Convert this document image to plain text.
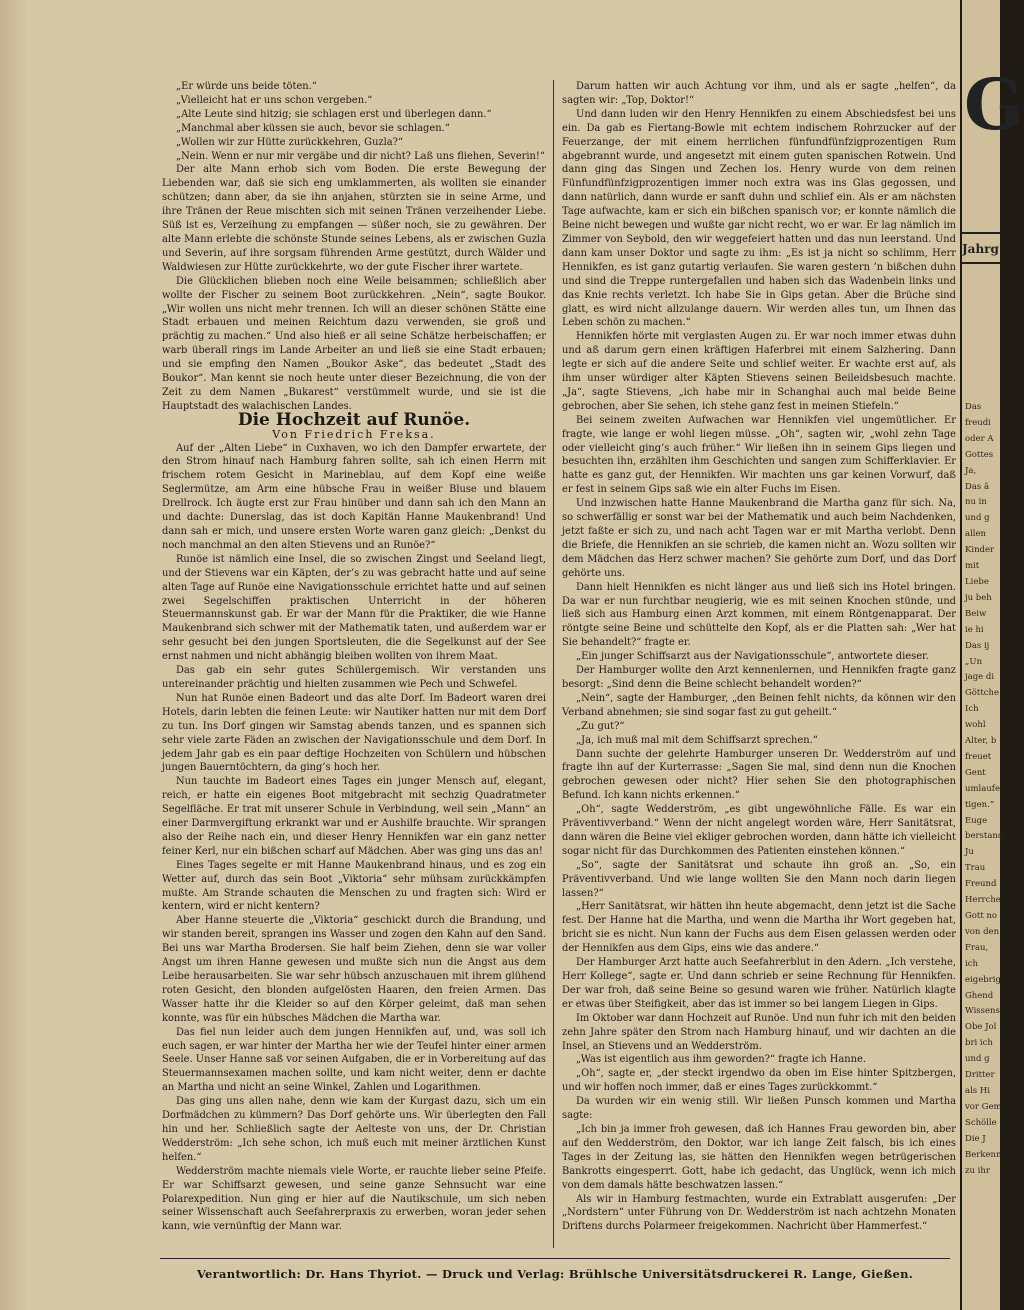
„Er würde uns beide töten.“

„Vielleicht hat er uns schon vergeben.“

„Alte Leute sind hitzig; sie schlagen erst und überlegen dann.“

„Manchmal aber küssen sie auch, bevor sie schlagen.“

„Wollen wir zur Hütte zurückkehren, Guzla?“

„Nein. Wenn er nur mir vergäbe und dir nicht? Laß uns fliehen, Severin!“

Der alte Mann erhob sich vom Boden. Die erste Bewegung der Liebenden war, daß sie sich eng umklammerten, als wollten sie einander schützen; dann aber, da sie ihn anjahen, stürzten sie in seine Arme, und ihre Tränen der Reue mischten sich mit seinen Tränen verzeihender Liebe. Süß ist es, Verzeihung zu empfangen — süßer noch, sie zu gewähren. Der alte Mann erlebte die schönste Stunde seines Lebens, als er zwischen Guzla und Severin, auf ihre sorgsam führenden Arme gestützt, durch Wälder und Waldwiesen zur Hütte zurückkehrte, wo der gute Fischer ihrer wartete.

Die Glücklichen blieben noch eine Weile beisammen; schließlich aber wollte der Fischer zu seinem Boot zurückkehren. „Nein“, sagte Boukor. „Wir wollen uns nicht mehr trennen. Ich will an dieser schönen Stätte eine Stadt erbauen und meinen Reichtum dazu verwenden, sie groß und prächtig zu machen.“ Und also hieß er all seine Schätze herbeischaffen; er warb überall rings im Lande Arbeiter an und ließ sie eine Stadt erbauen; und sie empfing den Namen „Boukor Aske“, das bedeutet „Stadt des Boukor“. Man kennt sie noch heute unter dieser Bezeichnung, die von der Zeit zu dem Namen „Bukarest“ verstümmelt wurde, und sie ist die Hauptstadt des walachischen Landes.

Die Hochzeit auf Runöe.

Von Friedrich Freksa.

Auf der „Alten Liebe“ in Cuxhaven, wo ich den Dampfer erwartete, der den Strom hinauf nach Hamburg fahren sollte, sah ich einen Herrn mit frischem rotem Gesicht in Marineblau, auf dem Kopf eine weiße Seglermütze, am Arm eine hübsche Frau in weißer Bluse und blauem Drellrock. Ich äugte erst zur Frau hinüber und dann sah ich den Mann an und dachte: Dunerslag, das ist doch Kapitän Hanne Maukenbrand! Und dann sah er mich, und unsere ersten Worte waren ganz gleich: „Denkst du noch manchmal an den alten Stievens und an Runöe?“

Runöe ist nämlich eine Insel, die so zwischen Zingst und Seeland liegt, und der Stievens war ein Käpten, der’s zu was gebracht hatte und auf seine alten Tage auf Runöe eine Navigationsschule errichtet hatte und auf seinen zwei Segelschiffen praktischen Unterricht in der höheren Steuermannskunst gab. Er war der Mann für die Praktiker, die wie Hanne Maukenbrand sich schwer mit der Mathematik taten, und außerdem war er sehr gesucht bei den jungen Sportsleuten, die die Segelkunst auf der See ernst nahmen und nicht abhängig bleiben wollten von ihrem Maat.

Das gab ein sehr gutes Schülergemisch. Wir verstanden uns untereinander prächtig und hielten zusammen wie Pech und Schwefel.

Nun hat Runöe einen Badeort und das alte Dorf. Im Badeort waren drei Hotels, darin lebten die feinen Leute: wir Nautiker hatten nur mit dem Dorf zu tun. Ins Dorf gingen wir Samstag abends tanzen, und es spannen sich sehr viele zarte Fäden an zwischen der Navigationsschule und dem Dorf. In jedem Jahr gab es ein paar deftige Hochzeiten von Schülern und hübschen jungen Bauerntöchtern, da ging’s hoch her.

Nun tauchte im Badeort eines Tages ein junger Mensch auf, elegant, reich, er hatte ein eigenes Boot mitgebracht mit sechzig Quadratmeter Segelfläche. Er trat mit unserer Schule in Verbindung, weil sein „Mann“ an einer Darmvergiftung erkrankt war und er Aushilfe brauchte. Wir sprangen also der Reihe nach ein, und dieser Henry Hennikfen war ein ganz netter feiner Kerl, nur ein bißchen scharf auf Mädchen. Aber was ging uns das an!

Eines Tages segelte er mit Hanne Maukenbrand hinaus, und es zog ein Wetter auf, durch das sein Boot „Viktoria“ sehr mühsam zurückkämpfen mußte. Am Strande schauten die Menschen zu und fragten sich: Wird er kentern, wird er nicht kentern?

Aber Hanne steuerte die „Viktoria“ geschickt durch die Brandung, und wir standen bereit, sprangen ins Wasser und zogen den Kahn auf den Sand. Bei uns war Martha Brodersen. Sie half beim Ziehen, denn sie war voller Angst um ihren Hanne gewesen und mußte sich nun die Angst aus dem Leibe herausarbeiten. Sie war sehr hübsch anzuschauen mit ihrem glühend roten Gesicht, den blonden aufgelösten Haaren, den freien Armen. Das Wasser hatte ihr die Kleider so auf den Körper geleimt, daß man sehen konnte, was für ein hübsches Mädchen die Martha war.

Das fiel nun leider auch dem jungen Hennikfen auf, und, was soll ich euch sagen, er war hinter der Martha her wie der Teufel hinter einer armen Seele. Unser Hanne saß vor seinen Aufgaben, die er in Vorbereitung auf das Steuermannsexamen machen sollte, und kam nicht weiter, denn er dachte an Martha und nicht an seine Winkel, Zahlen und Logarithmen.

Das ging uns allen nahe, denn wie kam der Kurgast dazu, sich um ein Dorfmädchen zu kümmern? Das Dorf gehörte uns. Wir überlegten den Fall hin und her. Schließlich sagte der Aelteste von uns, der Dr. Christian Wedderström: „Ich sehe schon, ich muß euch mit meiner ärztlichen Kunst helfen.“

Wedderström machte niemals viele Worte, er rauchte lieber seine Pfeife. Er war Schiffsarzt gewesen, und seine ganze Sehnsucht war eine Polarexpedition. Nun ging er hier auf die Nautikschule, um sich neben seiner Wissenschaft auch Seefahrerpraxis zu erwerben, woran jeder sehen kann, wie vernünftig der Mann war.

Darum hatten wir auch Achtung vor ihm, und als er sagte „helfen“, da sagten wir: „Top, Doktor!“

Und dann luden wir den Henry Hennikfen zu einem Abschiedsfest bei uns ein. Da gab es Fiertang-Bowle mit echtem indischem Rohrzucker auf der Feuerzange, der mit einem herrlichen fünfundfünfzigprozentigen Rum abgebrannt wurde, und angesetzt mit einem guten spanischen Rotwein. Und dann ging das Singen und Zechen los. Henry wurde von dem reinen Fünfundfünfzigprozentigen immer noch extra was ins Glas gegossen, und dann natürlich, dann wurde er sanft duhn und schlief ein. Als er am nächsten Tage aufwachte, kam er sich ein bißchen spanisch vor; er konnte nämlich die Beine nicht bewegen und wußte gar nicht recht, wo er war. Er lag nämlich im Zimmer von Seybold, den wir weggefeiert hatten und das nun leerstand. Und dann kam unser Doktor und sagte zu ihm: „Es ist ja nicht so schlimm, Herr Hennikfen, es ist ganz gutartig verlaufen. Sie waren gestern ’n bißchen duhn und sind die Treppe runtergefallen und haben sich das Wadenbein links und das Knie rechts verletzt. Ich habe Sie in Gips getan. Aber die Brüche sind glatt, es wird nicht allzulange dauern. Wir werden alles tun, um Ihnen das Leben schön zu machen.“

Hennikfen hörte mit verglasten Augen zu. Er war noch immer etwas duhn und aß darum gern einen kräftigen Haferbrei mit einem Salzhering. Dann legte er sich auf die andere Seite und schlief weiter. Er wachte erst auf, als ihm unser würdiger alter Käpten Stievens seinen Beileidsbesuch machte. „Ja“, sagte Stievens, „ich habe mir in Schanghai auch mal beide Beine gebrochen, aber Sie sehen, ich stehe ganz fest in meinen Stiefeln.“

Bei seinem zweiten Aufwachen war Hennikfen viel ungemütlicher. Er fragte, wie lange er wohl liegen müsse. „Oh“, sagten wir, „wohl zehn Tage oder vielleicht ging’s auch früher.“ Wir ließen ihn in seinem Gips liegen und besuchten ihn, erzählten ihm Geschichten und sangen zum Schifferklavier. Er hatte es ganz gut, der Hennikfen. Wir machten uns gar keinen Vorwurf, daß er fest in seinem Gips saß wie ein alter Fuchs im Eisen.

Und inzwischen hatte Hanne Maukenbrand die Martha ganz für sich. Na, so schwerfällig er sonst war bei der Mathematik und auch beim Nachdenken, jetzt faßte er sich zu, und nach acht Tagen war er mit Martha verlobt. Denn die Briefe, die Hennikfen an sie schrieb, die kamen nicht an. Wozu sollten wir dem Mädchen das Herz schwer machen? Sie gehörte zum Dorf, und das Dorf gehörte uns.

Dann hielt Hennikfen es nicht länger aus und ließ sich ins Hotel bringen. Da war er nun furchtbar neugierig, wie es mit seinen Knochen stünde, und ließ sich aus Hamburg einen Arzt kommen, mit einem Röntgenapparat. Der röntgte seine Beine und schüttelte den Kopf, als er die Platten sah: „Wer hat Sie behandelt?“ fragte er.

„Ein junger Schiffsarzt aus der Navigationsschule“, antwortete dieser.

Der Hamburger wollte den Arzt kennenlernen, und Hennikfen fragte ganz besorgt: „Sind denn die Beine schlecht behandelt worden?“

„Nein“, sagte der Hamburger, „den Beinen fehlt nichts, da können wir den Verband abnehmen; sie sind sogar fast zu gut geheilt.“

„Zu gut?“

„Ja, ich muß mal mit dem Schiffsarzt sprechen.“

Dann suchte der gelehrte Hamburger unseren Dr. Wedderström auf und fragte ihn auf der Kurterrasse: „Sagen Sie mal, sind denn nun die Knochen gebrochen gewesen oder nicht? Hier sehen Sie den photographischen Befund. Ich kann nichts erkennen.“

„Oh“, sagte Wedderström, „es gibt ungewöhnliche Fälle. Es war ein Präventivverband.“ Wenn der nicht angelegt worden wäre, Herr Sanitätsrat, dann wären die Beine viel ekliger gebrochen worden, dann hätte ich vielleicht sogar nicht für das Durchkommen des Patienten einstehen können.“

„So“, sagte der Sanitätsrat und schaute ihn groß an. „So, ein Präventivverband. Und wie lange wollten Sie den Mann noch darin liegen lassen?“

„Herr Sanitätsrat, wir hätten ihn heute abgemacht, denn jetzt ist die Sache fest. Der Hanne hat die Martha, und wenn die Martha ihr Wort gegeben hat, bricht sie es nicht. Nun kann der Fuchs aus dem Eisen gelassen werden oder der Hennikfen aus dem Gips, eins wie das andere.“

Der Hamburger Arzt hatte auch Seefahrerblut in den Adern. „Ich verstehe, Herr Kollege“, sagte er. Und dann schrieb er seine Rechnung für Hennikfen. Der war froh, daß seine Beine so gesund waren wie früher. Natürlich klagte er etwas über Steifigkeit, aber das ist immer so bei langem Liegen in Gips.

Im Oktober war dann Hochzeit auf Runöe. Und nun fuhr ich mit den beiden zehn Jahre später den Strom nach Hamburg hinauf, und wir dachten an die Insel, an Stievens und an Wedderström.

„Was ist eigentlich aus ihm geworden?“ fragte ich Hanne.

„Oh“, sagte er, „der steckt irgendwo da oben im Eise hinter Spitzbergen, und wir hoffen noch immer, daß er eines Tages zurückkommt.“

Da wurden wir ein wenig still. Wir ließen Punsch kommen und Martha sagte:

„Ich bin ja immer froh gewesen, daß ich Hannes Frau geworden bin, aber auf den Wedderström, den Doktor, war ich lange Zeit falsch, bis ich eines Tages in der Zeitung las, sie hätten den Hennikfen wegen betrügerischen Bankrotts eingesperrt. Gott, habe ich gedacht, das Unglück, wenn ich mich von dem damals hätte beschwatzen lassen.“

Als wir in Hamburg festmachten, wurde ein Extrablatt ausgerufen: „Der „Nordstern“ unter Führung von Dr. Wedderström ist nach achtzehn Monaten Driftens durchs Polarmeer freigekommen. Nachricht über Hammerfest.“

Verantwortlich: Dr. Hans Thyriot. — Druck und Verlag: Brühlsche Universitätsdruckerei R. Lange, Gießen.
G
Jahrg
Das
freudi
oder A
Gottes
Ja,
Das ä
nu in
und g
allen
Kinder
mit
Liebe
ju beh
Beiw
ie hi
Das ij
„Un
jage di
Göttche
Ich
wohl
Alter, b
freuet
Gent
umlaufe
tigen.“
Euge
berstand
Ju
Trau
Freund
Herrche
Gott no
von den
Frau,
ich
eigebrig
Ghend
Wissens
Obe Jol
bri ich
und g
Dritter
als Hi
vor Gem
Schölle
Die J
Berkenn
zu ihr
